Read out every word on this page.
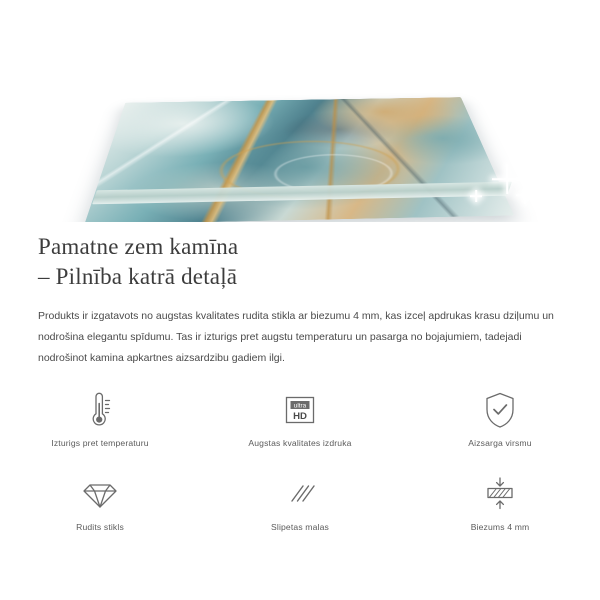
Pamatne zem kamīna
– Pilnība katrā detaļā

Produkts ir izgatavots no augstas kvalitates rudita stikla ar biezumu 4 mm, kas izceļ apdrukas krasu dziļumu un nodrošina elegantu spīdumu. Tas ir izturigs pret augstu temperaturu un pasarga no bojajumiem, tadejadi nodrošinot kamina apkartnes aizsardzibu gadiem ilgi.

Izturigs pret temperaturu
ultra
HD
Augstas kvalitates izdruka	Aizsarga virsmu
Rudits stikls	Slipetas malas	Biezums 4 mm
